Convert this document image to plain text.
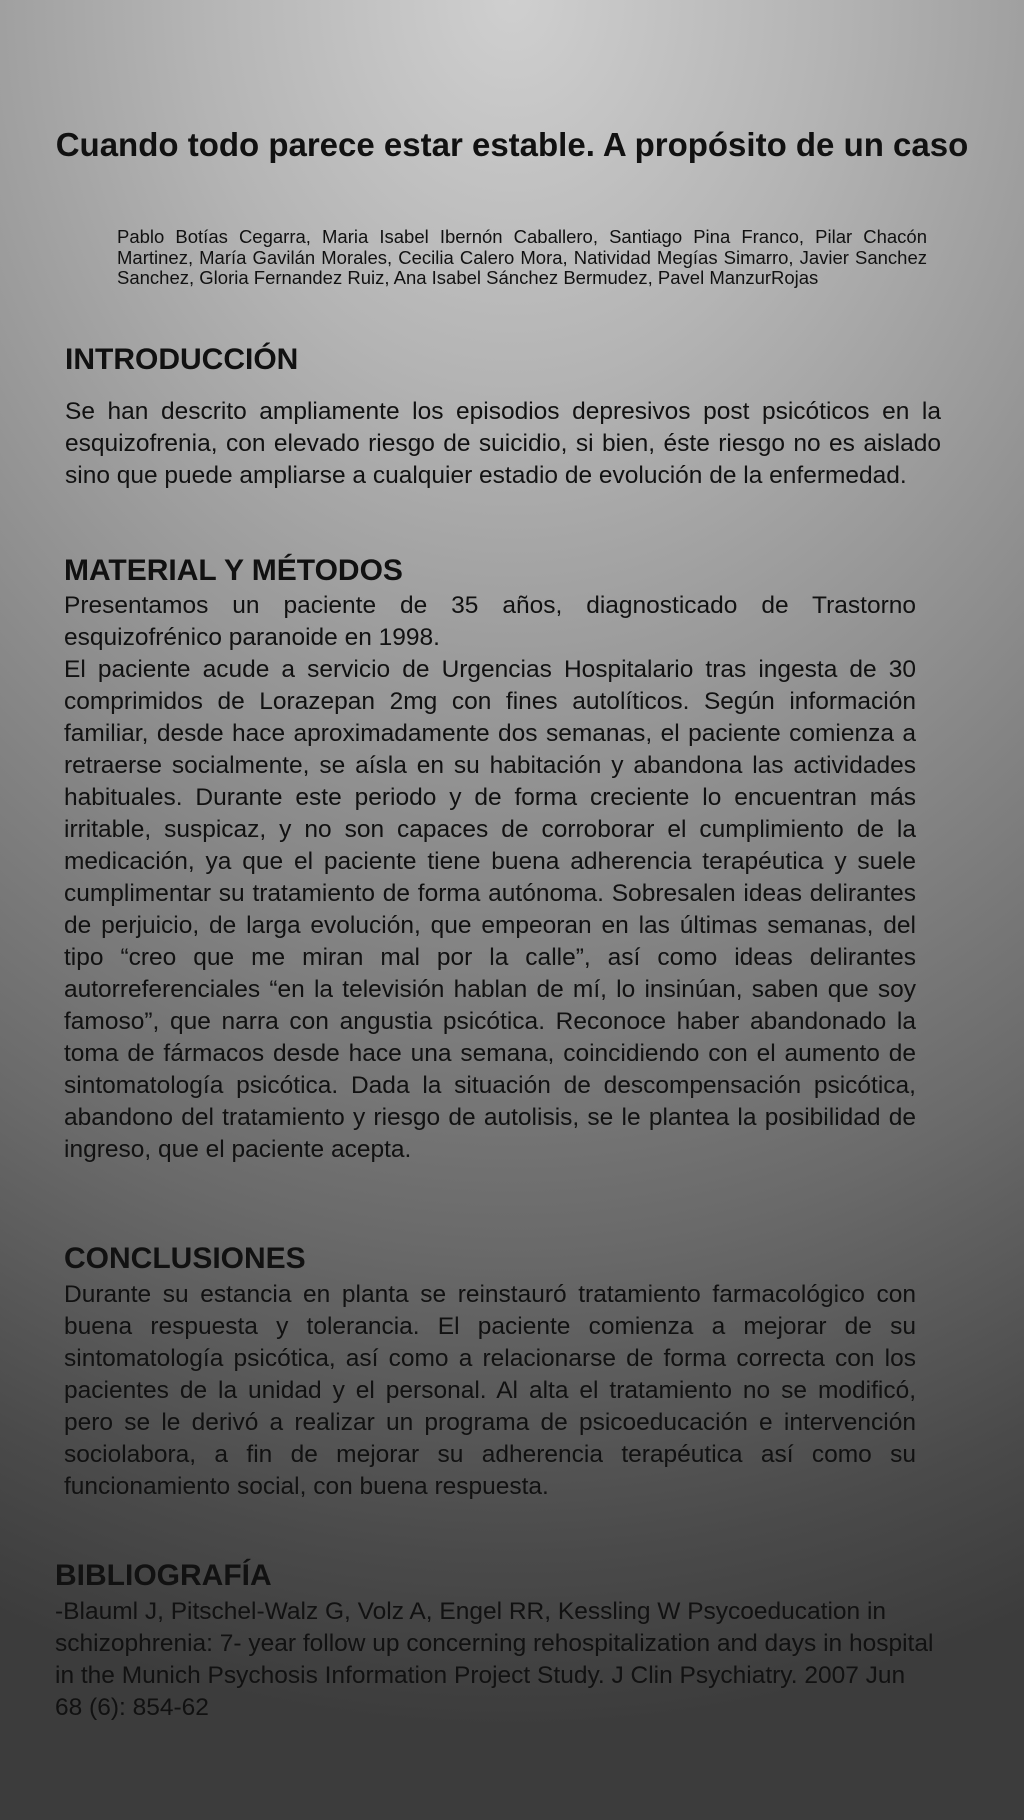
Cuando todo parece estar estable. A propósito de un caso

Pablo Botías Cegarra, Maria Isabel Ibernón Caballero, Santiago Pina Franco, Pilar Chacón Martinez, María Gavilán Morales, Cecilia Calero Mora, Natividad Megías Simarro, Javier Sanchez Sanchez, Gloria Fernandez Ruiz, Ana Isabel Sánchez Bermudez, Pavel ManzurRojas

INTRODUCCIÓN

Se han descrito ampliamente los episodios depresivos post psicóticos en la esquizofrenia, con elevado riesgo de suicidio, si bien, éste riesgo no es aislado sino que puede ampliarse a cualquier estadio de evolución de la enfermedad.

MATERIAL Y MÉTODOS

Presentamos un paciente de 35 años, diagnosticado de Trastorno esquizofrénico paranoide en 1998.

El paciente acude a servicio de Urgencias Hospitalario tras ingesta de 30 comprimidos de Lorazepan 2mg con fines autolíticos. Según información familiar, desde hace aproximadamente dos semanas, el paciente comienza a retraerse socialmente, se aísla en su habitación y abandona las actividades habituales. Durante este periodo y de forma creciente lo encuentran más irritable, suspicaz, y no son capaces de corroborar el cumplimiento de la medicación, ya que el paciente tiene buena adherencia terapéutica y suele cumplimentar su tratamiento de forma autónoma. Sobresalen ideas delirantes de perjuicio, de larga evolución, que empeoran en las últimas semanas, del tipo “creo que me miran mal por la calle”, así como ideas delirantes autorreferenciales “en la televisión hablan de mí, lo insinúan, saben que soy famoso”, que narra con angustia psicótica. Reconoce haber abandonado la toma de fármacos desde hace una semana, coincidiendo con el aumento de sintomatología psicótica. Dada la situación de descompensación psicótica, abandono del tratamiento y riesgo de autolisis, se le plantea la posibilidad de ingreso, que el paciente acepta.

CONCLUSIONES

Durante su estancia en planta se reinstauró tratamiento farmacológico con buena respuesta y tolerancia. El paciente comienza a mejorar de su sintomatología psicótica, así como a relacionarse de forma correcta con los pacientes de la unidad y el personal. Al alta el tratamiento no se modificó, pero se le derivó a realizar un programa de psicoeducación e intervención sociolabora, a fin de mejorar su adherencia terapéutica así como su funcionamiento social, con buena respuesta.

BIBLIOGRAFÍA

-Blauml J, Pitschel-Walz G, Volz A, Engel RR, Kessling W Psycoeducation in schizophrenia: 7- year follow up concerning rehospitalization and days in hospital in the Munich Psychosis Information Project Study. J Clin Psychiatry. 2007 Jun 68 (6): 854-62
